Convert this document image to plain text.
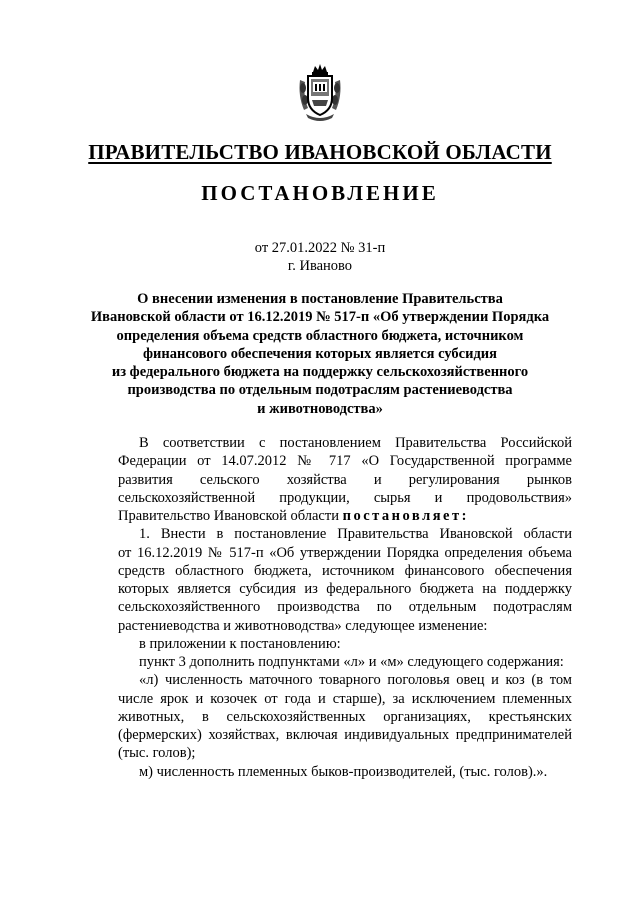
ПРАВИТЕЛЬСТВО ИВАНОВСКОЙ ОБЛАСТИ
ПОСТАНОВЛЕНИЕ
от 27.01.2022 № 31-п
г. Иваново
О внесении изменения в постановление Правительства
Ивановской области от 16.12.2019 № 517-п «Об утверждении Порядка
определения объема средств областного бюджета, источником
финансового обеспечения которых является субсидия
из федерального бюджета на поддержку сельскохозяйственного
производства по отдельным подотраслям растениеводства
и животноводства»

В соответствии с постановлением Правительства Российской
Федерации от 14.07.2012 № 717 «О Государственной программе
развития сельского хозяйства и регулирования рынков
сельскохозяйственной продукции, сырья и продовольствия»
Правительство Ивановской области постановляет:

1. Внести в постановление Правительства Ивановской области
от 16.12.2019 № 517-п «Об утверждении Порядка определения объема
средств областного бюджета, источником финансового обеспечения
которых является субсидия из федерального бюджета на поддержку
сельскохозяйственного производства по отдельным подотраслям
растениеводства и животноводства» следующее изменение:

в приложении к постановлению:

пункт 3 дополнить подпунктами «л» и «м» следующего содержания:

«л) численность маточного товарного поголовья овец и коз (в том
числе ярок и козочек от года и старше), за исключением племенных
животных, в сельскохозяйственных организациях, крестьянских
(фермерских) хозяйствах, включая индивидуальных предпринимателей
(тыс. голов);

м) численность племенных быков-производителей, (тыс. голов).».
